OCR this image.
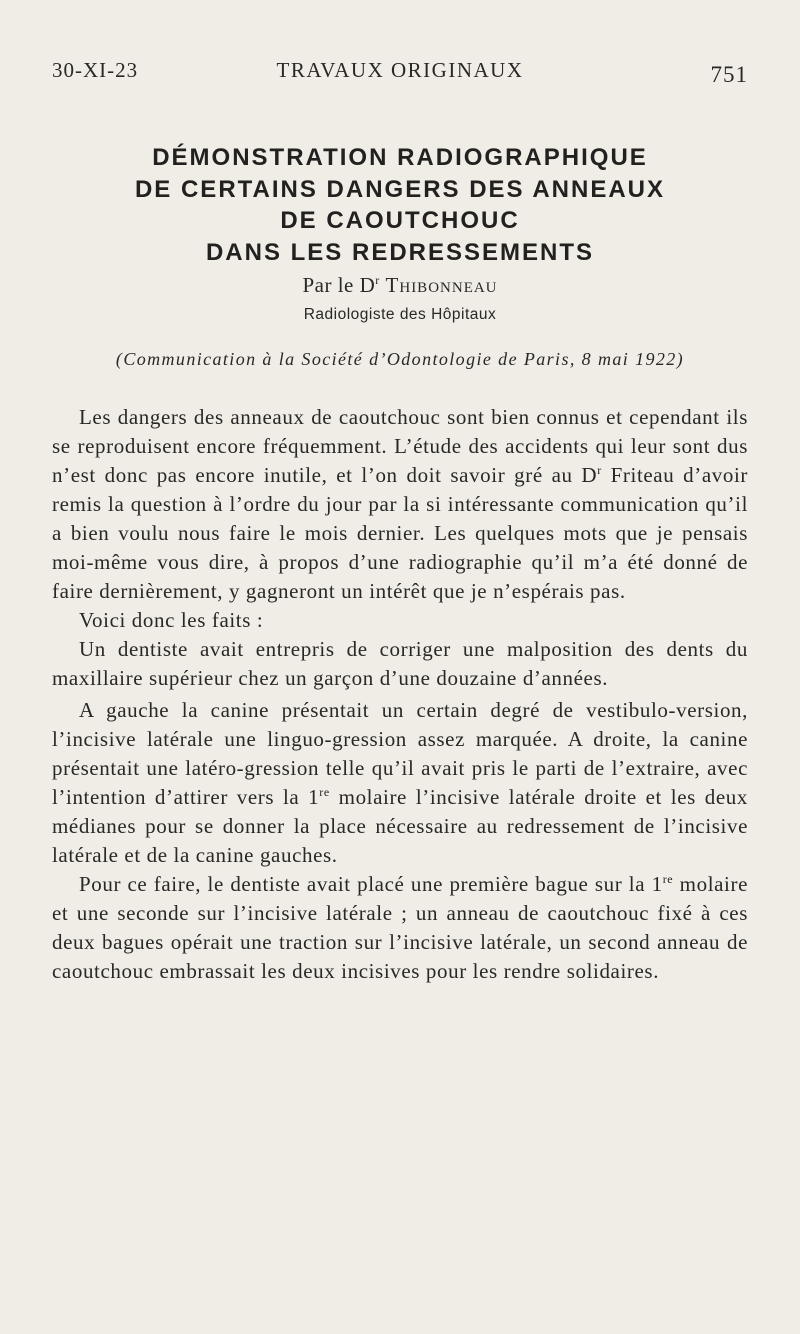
30-XI-23	TRAVAUX ORIGINAUX	751
DÉMONSTRATION RADIOGRAPHIQUE
DE CERTAINS DANGERS DES ANNEAUX
DE CAOUTCHOUC
DANS LES REDRESSEMENTS
Par le $D^r$ Thibonneau
Radiologiste des Hôpitaux
(Communication à la Société d’Odontologie de Paris, 8 mai 1922)

Les dangers des anneaux de caoutchouc sont bien connus et cependant ils se reproduisent encore fréquemment. L’étude des accidents qui leur sont dus n’est donc pas encore inutile, et l’on doit savoir gré au $D^r$ Friteau d’avoir remis la question à l’ordre du jour par la si intéressante communication qu’il a bien voulu nous faire le mois dernier. Les quelques mots que je pensais moi-même vous dire, à propos d’une radiographie qu’il m’a été donné de faire dernièrement, y gagneront un intérêt que je n’espérais pas.

Voici donc les faits :

Un dentiste avait entrepris de corriger une malposition des dents du maxillaire supérieur chez un garçon d’une douzaine d’années.

A gauche la canine présentait un certain degré de vestibulo-version, l’incisive latérale une linguo-gression assez marquée. A droite, la canine présentait une latéro-gression telle qu’il avait pris le parti de l’extraire, avec l’intention d’attirer vers la 1re molaire l’incisive latérale droite et les deux médianes pour se donner la place nécessaire au redressement de l’incisive latérale et de la canine gauches.

Pour ce faire, le dentiste avait placé une première bague sur la 1re molaire et une seconde sur l’incisive latérale ; un anneau de caoutchouc fixé à ces deux bagues opérait une traction sur l’incisive latérale, un second anneau de caoutchouc embrassait les deux incisives pour les rendre solidaires.
